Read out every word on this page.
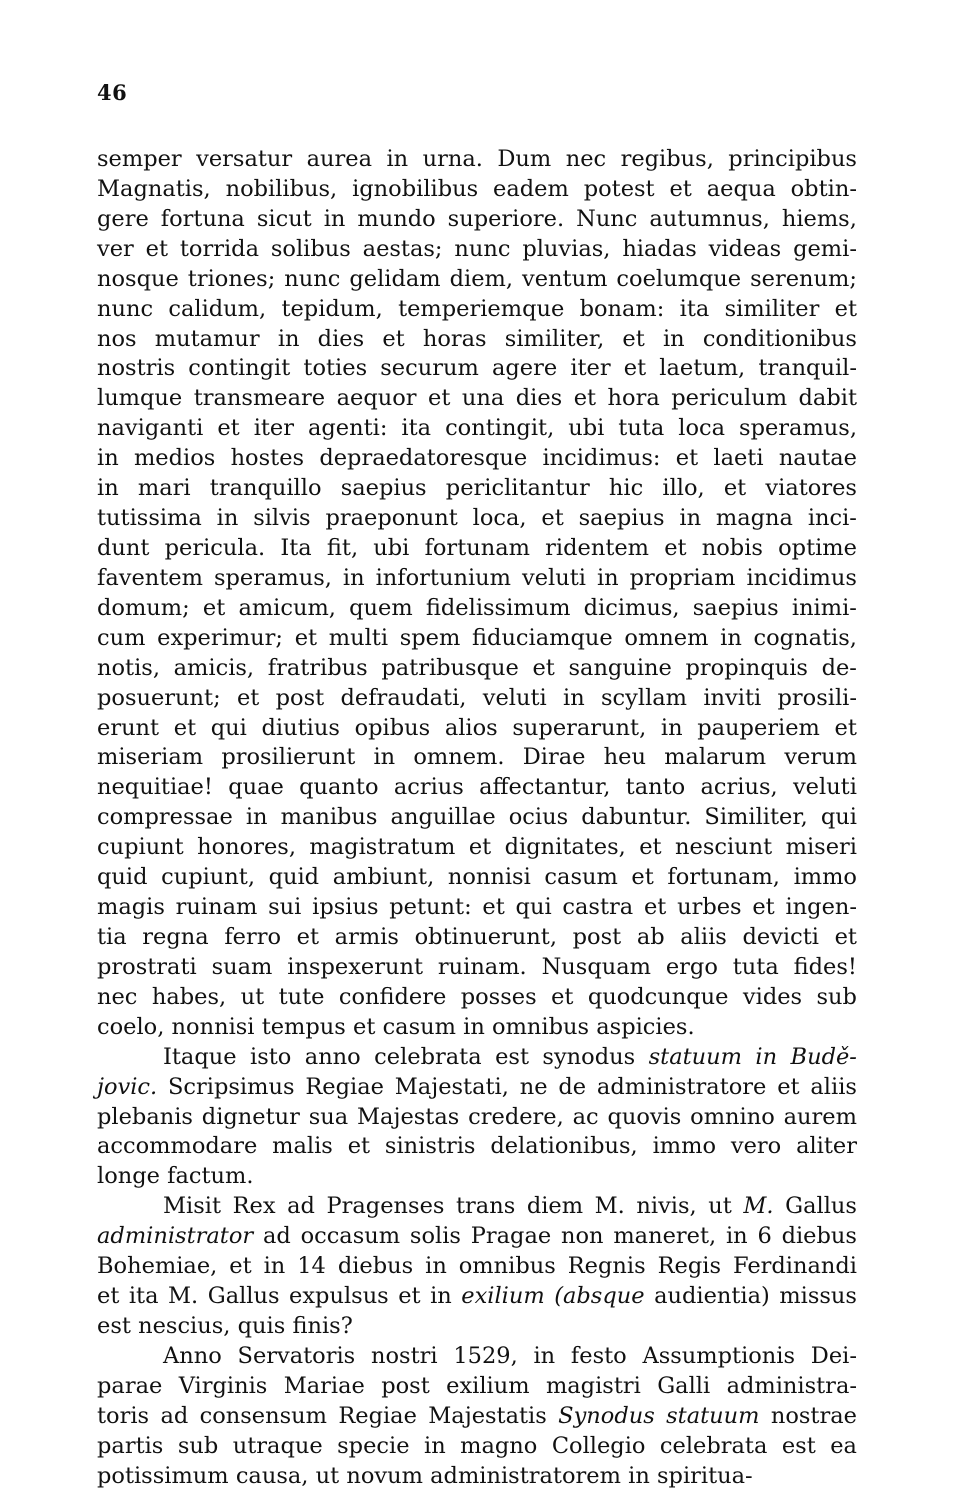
46
semper versatur aurea in urna. Dum nec regibus, principibus
Magnatis, nobilibus, ignobilibus eadem potest et aequa obtin-
gere fortuna sicut in mundo superiore. Nunc autumnus, hiems,
ver et torrida solibus aestas; nunc pluvias, hiadas videas gemi-
nosque triones; nunc gelidam diem, ventum coelumque serenum;
nunc calidum, tepidum, temperiemque bonam: ita similiter et
nos mutamur in dies et horas similiter, et in conditionibus
nostris contingit toties securum agere iter et laetum, tranquil-
lumque transmeare aequor et una dies et hora periculum dabit
naviganti et iter agenti: ita contingit, ubi tuta loca speramus,
in medios hostes depraedatoresque incidimus: et laeti nautae
in mari tranquillo saepius periclitantur hic illo, et viatores
tutissima in silvis praeponunt loca, et saepius in magna inci-
dunt pericula. Ita fit, ubi fortunam ridentem et nobis optime
faventem speramus, in infortunium veluti in propriam incidimus
domum; et amicum, quem fidelissimum dicimus, saepius inimi-
cum experimur; et multi spem fiduciamque omnem in cognatis,
notis, amicis, fratribus patribusque et sanguine propinquis de-
posuerunt; et post defraudati, veluti in scyllam inviti prosili-
erunt et qui diutius opibus alios superarunt, in pauperiem et
miseriam prosilierunt in omnem. Dirae heu malarum verum
nequitiae! quae quanto acrius affectantur, tanto acrius, veluti
compressae in manibus anguillae ocius dabuntur. Similiter, qui
cupiunt honores, magistratum et dignitates, et nesciunt miseri
quid cupiunt, quid ambiunt, nonnisi casum et fortunam, immo
magis ruinam sui ipsius petunt: et qui castra et urbes et ingen-
tia regna ferro et armis obtinuerunt, post ab aliis devicti et
prostrati suam inspexerunt ruinam. Nusquam ergo tuta fides!
nec habes, ut tute confidere posses et quodcunque vides sub
coelo, nonnisi tempus et casum in omnibus aspicies.
Itaque isto anno celebrata est synodus statuum in Budě-
jovic. Scripsimus Regiae Majestati, ne de administratore et aliis
plebanis dignetur sua Majestas credere, ac quovis omnino aurem
accommodare malis et sinistris delationibus, immo vero aliter
longe factum.
Misit Rex ad Pragenses trans diem M. nivis, ut M. Gallus
administrator ad occasum solis Pragae non maneret, in 6 diebus
Bohemiae, et in 14 diebus in omnibus Regnis Regis Ferdinandi
et ita M. Gallus expulsus et in exilium (absque audientia) missus
est nescius, quis finis?
Anno Servatoris nostri 1529, in festo Assumptionis Dei-
parae Virginis Mariae post exilium magistri Galli administra-
toris ad consensum Regiae Majestatis Synodus statuum nostrae
partis sub utraque specie in magno Collegio celebrata est ea
potissimum causa, ut novum administratorem in spiritua-
